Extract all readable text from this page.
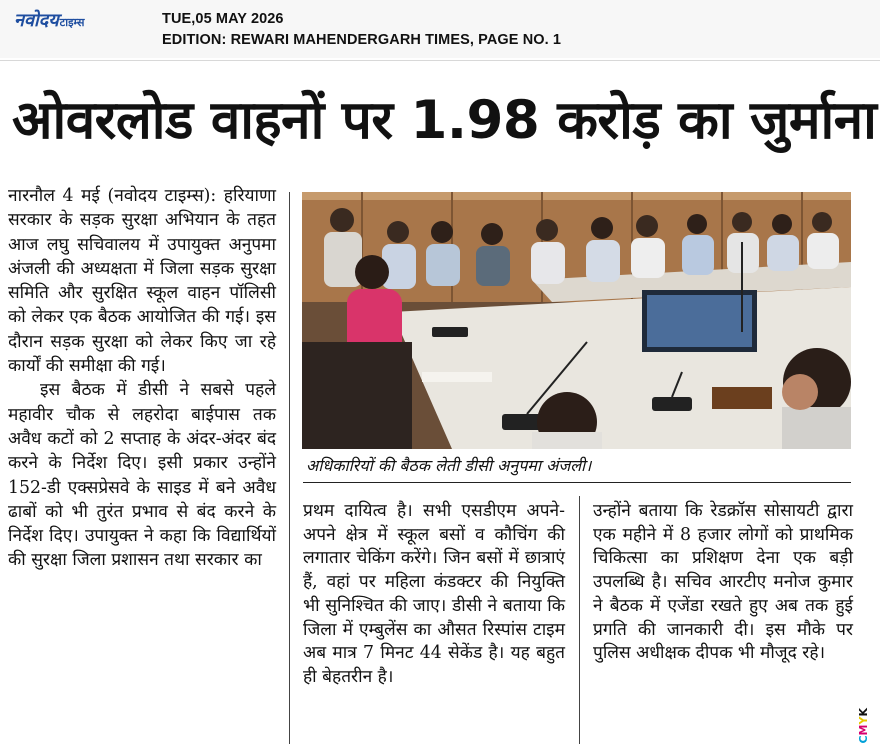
नवोदय टाइम्स	TUE,05 MAY 2026
EDITION: REWARI MAHENDERGARH TIMES, PAGE NO. 1
ओवरलोड वाहनों पर 1.98 करोड़ का जुर्माना

नारनौल 4 मई (नवोदय टाइम्स): हरियाणा सरकार के सड़क सुरक्षा अभियान के तहत आज लघु सचिवालय में उपायुक्त अनुपमा अंजली की अध्यक्षता में जिला सड़क सुरक्षा समिति और सुरक्षित स्कूल वाहन पॉलिसी को लेकर एक बैठक आयोजित की गई। इस दौरान सड़क सुरक्षा को लेकर किए जा रहे कार्यों की समीक्षा की गई।

इस बैठक में डीसी ने सबसे पहले महावीर चौक से लहरोदा बाईपास तक अवैध कटों को 2 सप्ताह के अंदर-अंदर बंद करने के निर्देश दिए। इसी प्रकार उन्होंने 152-डी एक्सप्रेसवे के साइड में बने अवैध ढाबों को भी तुरंत प्रभाव से बंद करने के निर्देश दिए। उपायुक्त ने कहा कि विद्यार्थियों की सुरक्षा जिला प्रशासन तथा सरकार का

अधिकारियों की बैठक लेती डीसी अनुपमा अंजली।

प्रथम दायित्व है। सभी एसडीएम अपने-अपने क्षेत्र में स्कूल बसों व कौचिंग की लगातार चेकिंग करेंगे। जिन बसों में छात्राएं हैं, वहां पर महिला कंडक्टर की नियुक्ति भी सुनिश्चित की जाए। डीसी ने बताया कि जिला में एम्बुलेंस का औसत रिस्पांस टाइम अब मात्र 7 मिनट 44 सेकेंड है। यह बहुत ही बेहतरीन है।

उन्होंने बताया कि रेडक्रॉस सोसायटी द्वारा एक महीने में 8 हजार लोगों को प्राथमिक चिकित्सा का प्रशिक्षण देना एक बड़ी उपलब्धि है। सचिव आरटीए मनोज कुमार ने बैठक में एजेंडा रखते हुए अब तक हुई प्रगति की जानकारी दी। इस मौके पर पुलिस अधीक्षक दीपक भी मौजूद रहे।

CMYK
